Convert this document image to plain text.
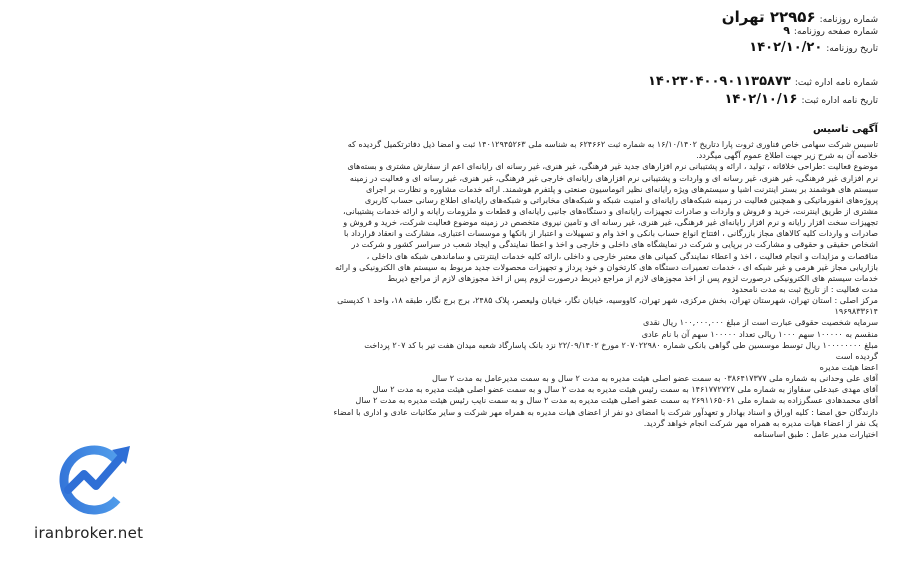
شماره روزنامه:
۲۲۹۵۶ تهران
شماره صفحه روزنامه:
۹
تاریخ روزنامه:
۱۴۰۲/۱۰/۲۰
شماره نامه اداره ثبت:
۱۴۰۲۳۰۴۰۰۹۰۱۱۳۵۸۷۳
تاریخ نامه اداره ثبت:
۱۴۰۲/۱۰/۱۶
آگهی تاسیس
تاسیس شرکت سهامی خاص فناوری ثروت پارا دتاریخ ۱۶/۱۰/۱۴۰۲ به شماره ثبت ۶۲۴۶۶۲ به شناسه ملی ۱۴۰۱۲۹۴۵۲۶۳ ثبت و امضا ذیل دفاترتکمیل گردیده که
خلاصه آن به شرح زیر جهت اطلاع عموم آگهی میگردد.
موضوع فعالیت :طراحی خلاقانه ، تولید ، ارائه و پشتیبانی نرم افزارهای جدید غیر فرهنگی، غیر هنری، غیر رسانه ای رایانه‌ای اعم از سفارش مشتری و بسته‌های
نرم افزاری غیر فرهنگی، غیر هنری، غیر رسانه ای و واردات و پشتیبانی نرم افزارهای رایانه‌ای خارجی غیر فرهنگی، غیر هنری، غیر رسانه ای و فعالیت در زمینه
سیستم های هوشمند بر بستر اینترنت اشیا و سیستم‌های ویژه رایانه‌ای نظیر اتوماسیون صنعتی و پلتفرم هوشمند. ارائه خدمات مشاوره و نظارت بر اجرای
پروژه‌های انفورماتیکی و همچنین فعالیت در زمینه شبکه‌های رایانه‌ای و امنیت شبکه و شبکه‌های مخابراتی و شبکه‌های رایانه‌ای اطلاع رسانی حساب کاربری
مشتری از طریق اینترنت، خرید و فروش و واردات و صادرات تجهیزات رایانه‌ای و دستگاه‌های جانبی رایانه‌ای و قطعات و ملزومات رایانه و ارائه خدمات پشتیبانی،
تجهیزات سخت افزار رایانه و نرم افزار رایانه‌ای غیر فرهنگی، غیر هنری، غیر رسانه ای و تامین نیروی متخصص در زمینه موضوع فعالیت شرکت، خرید و فروش و
صادرات و واردات کلیه کالاهای مجاز بازرگانی ، افتتاح انواع حساب بانکی و اخذ وام و تسهیلات و اعتبار از بانکها و موسسات اعتباری، مشارکت و انعقاد قرارداد با
اشخاص حقیقی و حقوقی و مشارکت در برپایی و شرکت در نمایشگاه های داخلی و خارجی و اخذ و اعطا نمایندگی و ایجاد شعب در سراسر کشور و شرکت در
مناقصات و مزایدات و انجام فعالیت ، اخذ و اعطاء نمایندگی کمپانی های معتبر خارجی و داخلی ،ارائه کلیه خدمات اینترنتی و ساماندهی شبکه های داخلی ،
بازاریابی مجاز غیر هرمی و غیر شبکه ای ، خدمات تعمیرات دستگاه های کارتخوان و خود پرداز و تجهیزات محصولات جدید مربوط به سیستم های الکترونیکی و ارائه
خدمات سیستم های الکترونیکی درصورت لزوم پس از اخذ مجوزهای لازم از مراجع ذیربط درصورت لزوم پس از اخذ مجوزهای لازم از مراجع ذیربط
مدت فعالیت : از تاریخ ثبت به مدت نامحدود
مرکز اصلی : استان تهران، شهرستان تهران، بخش مرکزی، شهر تهران، کاووسیه، خیابان نگار، خیابان ولیعصر، پلاک ۲۴۸۵، برج برج نگار، طبقه ۱۸، واحد ۱ کدپستی
۱۹۶۹۸۳۳۶۱۴
سرمایه شخصیت حقوقی عبارت است از مبلغ ۱۰۰,۰۰۰,۰۰۰ ریال نقدی
منقسم به ۱۰۰۰۰۰ سهم ۱۰۰۰ ریالی تعداد ۱۰۰۰۰۰ سهم آن با نام عادی
مبلغ ۱۰۰۰۰۰۰۰۰ ریال توسط موسسین طی گواهی بانکی شماره ۲۰۷۰۲۲۹۸۰ مورخ ۲۲/۰۹/۱۴۰۲ نزد بانک پاسارگاد شعبه میدان هفت تیر با کد ۲۰۷ پرداخت
گردیده است
اعضا هیئت مدیره
آقای علی وحدانی به شماره ملی ۰۳۸۶۴۱۷۳۷۷ به سمت عضو اصلی هیئت مدیره به مدت ۲ سال و به سمت مدیرعامل به مدت ۲ سال
آقای مهدی عبدعلی سفاواز به شماره ملی ۱۴۶۱۷۷۲۷۲۷ به سمت رئیس هیئت مدیره به مدت ۲ سال و به سمت عضو اصلی هیئت مدیره به مدت ۲ سال
آقای محمدهادی عسگرزاده به شماره ملی ۲۶۹۱۱۶۵۰۶۱ به سمت عضو اصلی هیئت مدیره به مدت ۲ سال و به سمت نایب رئیس هیئت مدیره به مدت ۲ سال
دارندگان حق امضا : کلیه اوراق و اسناد بهادار و تعهدآور شرکت با امضای دو نفر از اعضای هیات مدیره به همراه مهر شرکت و سایر مکاتبات عادی و اداری با امضاء
یک نفر از اعضاء هیات مدیره به همراه مهر شرکت انجام خواهد گردید.
اختیارات مدیر عامل : طبق اساسنامه
iranbroker.net
